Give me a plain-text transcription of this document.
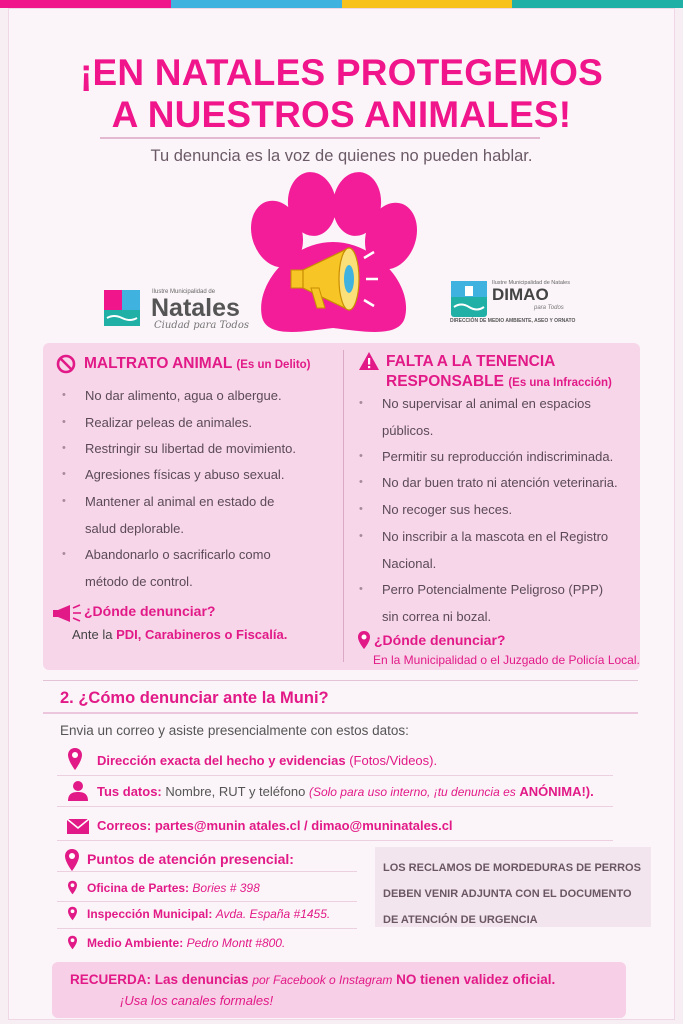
¡EN NATALES PROTEGEMOS
A NUESTROS ANIMALES!
Tu denuncia es la voz de quienes no pueden hablar.
Ilustre Municipalidad de
Natales
Ciudad para Todos
Ilustre Municipalidad de Natales
DIMAO
para Todos
DIRECCIÓN DE MEDIO AMBIENTE, ASEO Y ORNATO
MALTRATO ANIMAL (Es un Delito)
• No dar alimento, agua o albergue.
• Realizar peleas de animales.
• Restringir su libertad de movimiento.
• Agresiones físicas y abuso sexual.
• Mantener al animal en estado de
salud deplorable.
• Abandonarlo o sacrificarlo como
método de control.
¿Dónde denunciar?
Ante la PDI, Carabineros o Fiscalía.
FALTA A LA TENENCIA
RESPONSABLE (Es una Infracción)
• No supervisar al animal en espacios
públicos.
• Permitir su reproducción indiscriminada.
• No dar buen trato ni atención veterinaria.
• No recoger sus heces.
• No inscribir a la mascota en el Registro
Nacional.
• Perro Potencialmente Peligroso (PPP)
sin correa ni bozal.
¿Dónde denunciar?
En la Municipalidad o el Juzgado de Policía Local.
2. ¿Cómo denunciar ante la Muni?
Envia un correo y asiste presencialmente con estos datos:
Dirección exacta del hecho y evidencias (Fotos/Videos).
Tus datos: Nombre, RUT y teléfono (Solo para uso interno, ¡tu denuncia es ANÓNIMA!).
Correos: partes@munin atales.cl / dimao@muninatales.cl
Puntos de atención presencial:
Oficina de Partes: Bories # 398
Inspección Municipal: Avda. España #1455.
Medio Ambiente: Pedro Montt #800.
LOS RECLAMOS DE MORDEDURAS DE PERROS
DEBEN VENIR ADJUNTA CON EL DOCUMENTO
DE ATENCIÓN DE URGENCIA
RECUERDA: Las denuncias por Facebook o Instagram NO tienen validez oficial.
¡Usa los canales formales!
